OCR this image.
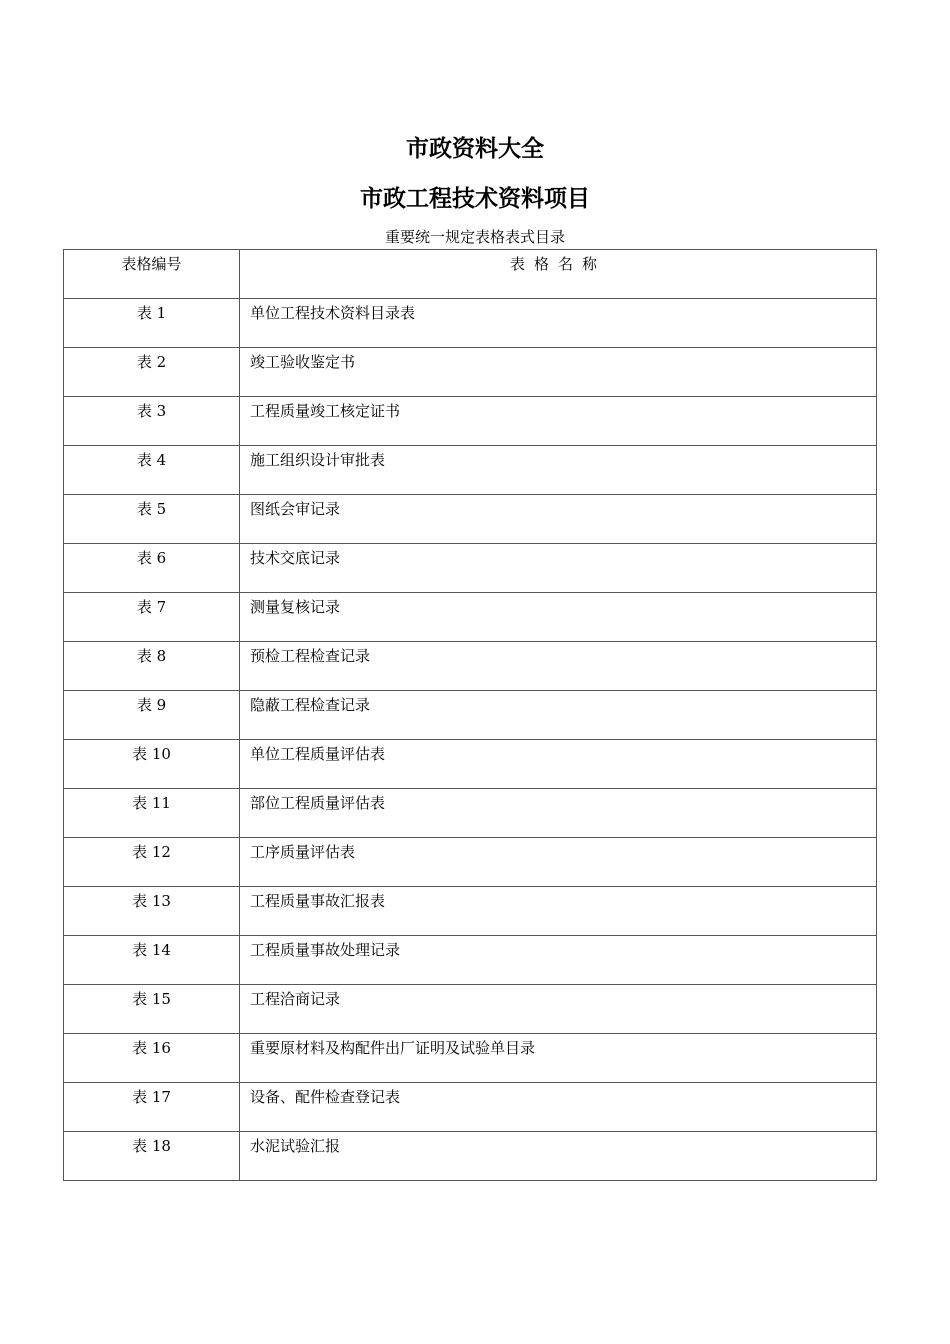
市政资料大全
市政工程技术资料项目
重要统一规定表格表式目录
表格编号	表格名称
表 1	单位工程技术资料目录表
表 2	竣工验收鉴定书
表 3	工程质量竣工核定证书
表 4	施工组织设计审批表
表 5	图纸会审记录
表 6	技术交底记录
表 7	测量复核记录
表 8	预检工程检查记录
表 9	隐蔽工程检查记录
表 10	单位工程质量评估表
表 11	部位工程质量评估表
表 12	工序质量评估表
表 13	工程质量事故汇报表
表 14	工程质量事故处理记录
表 15	工程洽商记录
表 16	重要原材料及构配件出厂证明及试验单目录
表 17	设备、配件检查登记表
表 18	水泥试验汇报
